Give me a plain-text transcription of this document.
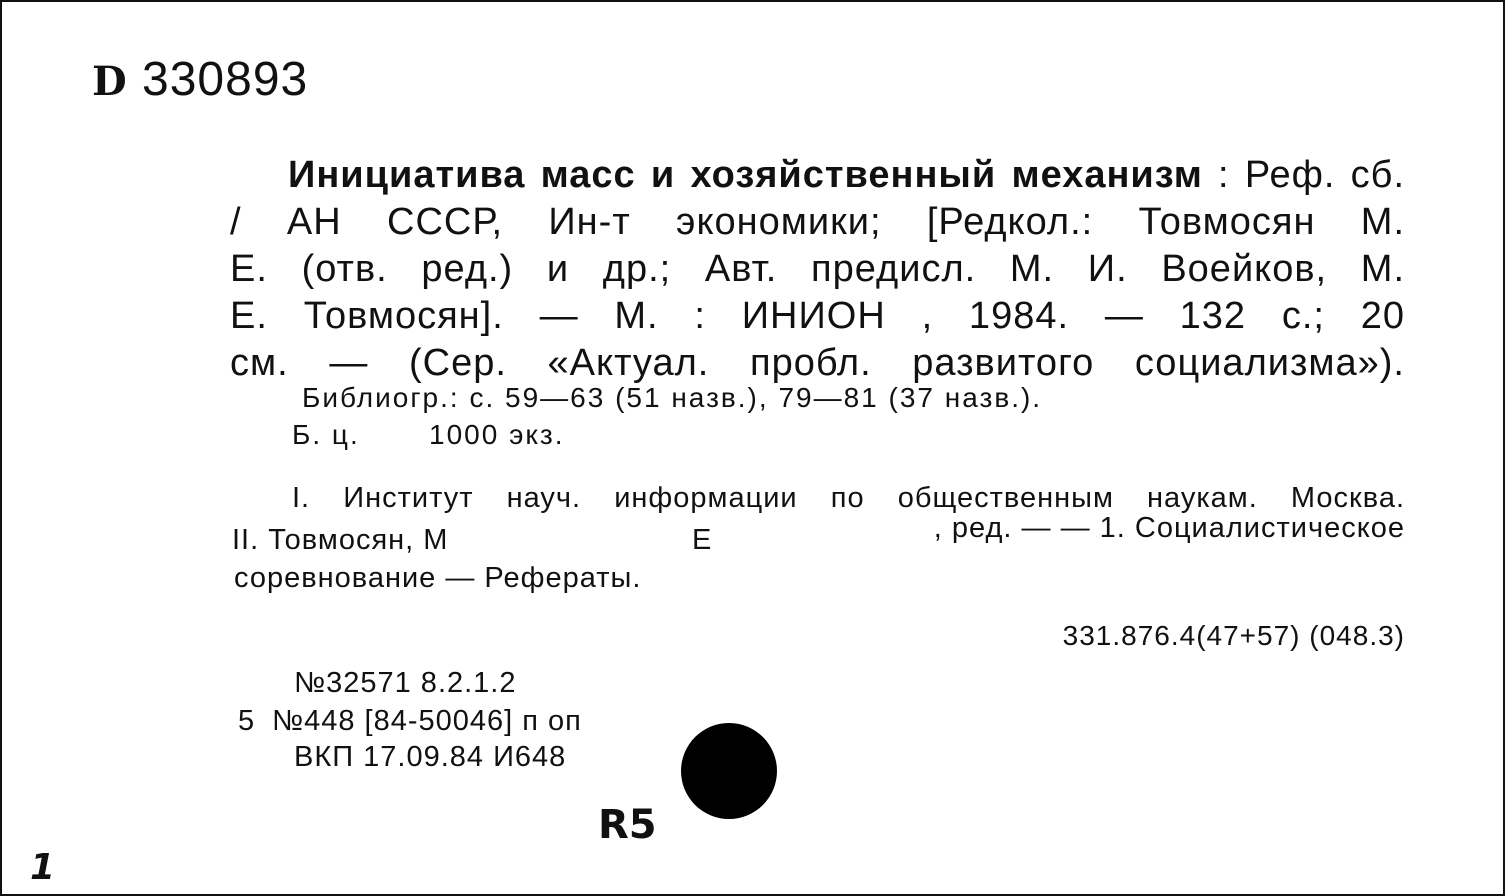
D 330893
Инициатива масс и хозяйственный механизм : Реф. сб.
/ АН СССР, Ин-т экономики; [Редкол.: Товмосян М.
Е. (отв. ред.) и др.; Авт. предисл. М. И. Воейков, М.
Е. Товмосян]. — М. : ИНИОН , 1984. — 132 с.; 20
см. — (Сер. «Актуал. пробл. развитого социализма»).
Библиогр.: с. 59—63 (51 назв.), 79—81 (37 назв.).
Б. ц. 1000 экз.
I. Институт науч. информации по общественным наукам. Москва.
II. Товмосян, М	Е	, ред. — — 1. Социалистическое
соревнование — Рефераты.
331.876.4(47+57) (048.3)
№32571 8.2.1.2
5 №448 [84-50046] п оп
ВКП 17.09.84 И648
R5
1
